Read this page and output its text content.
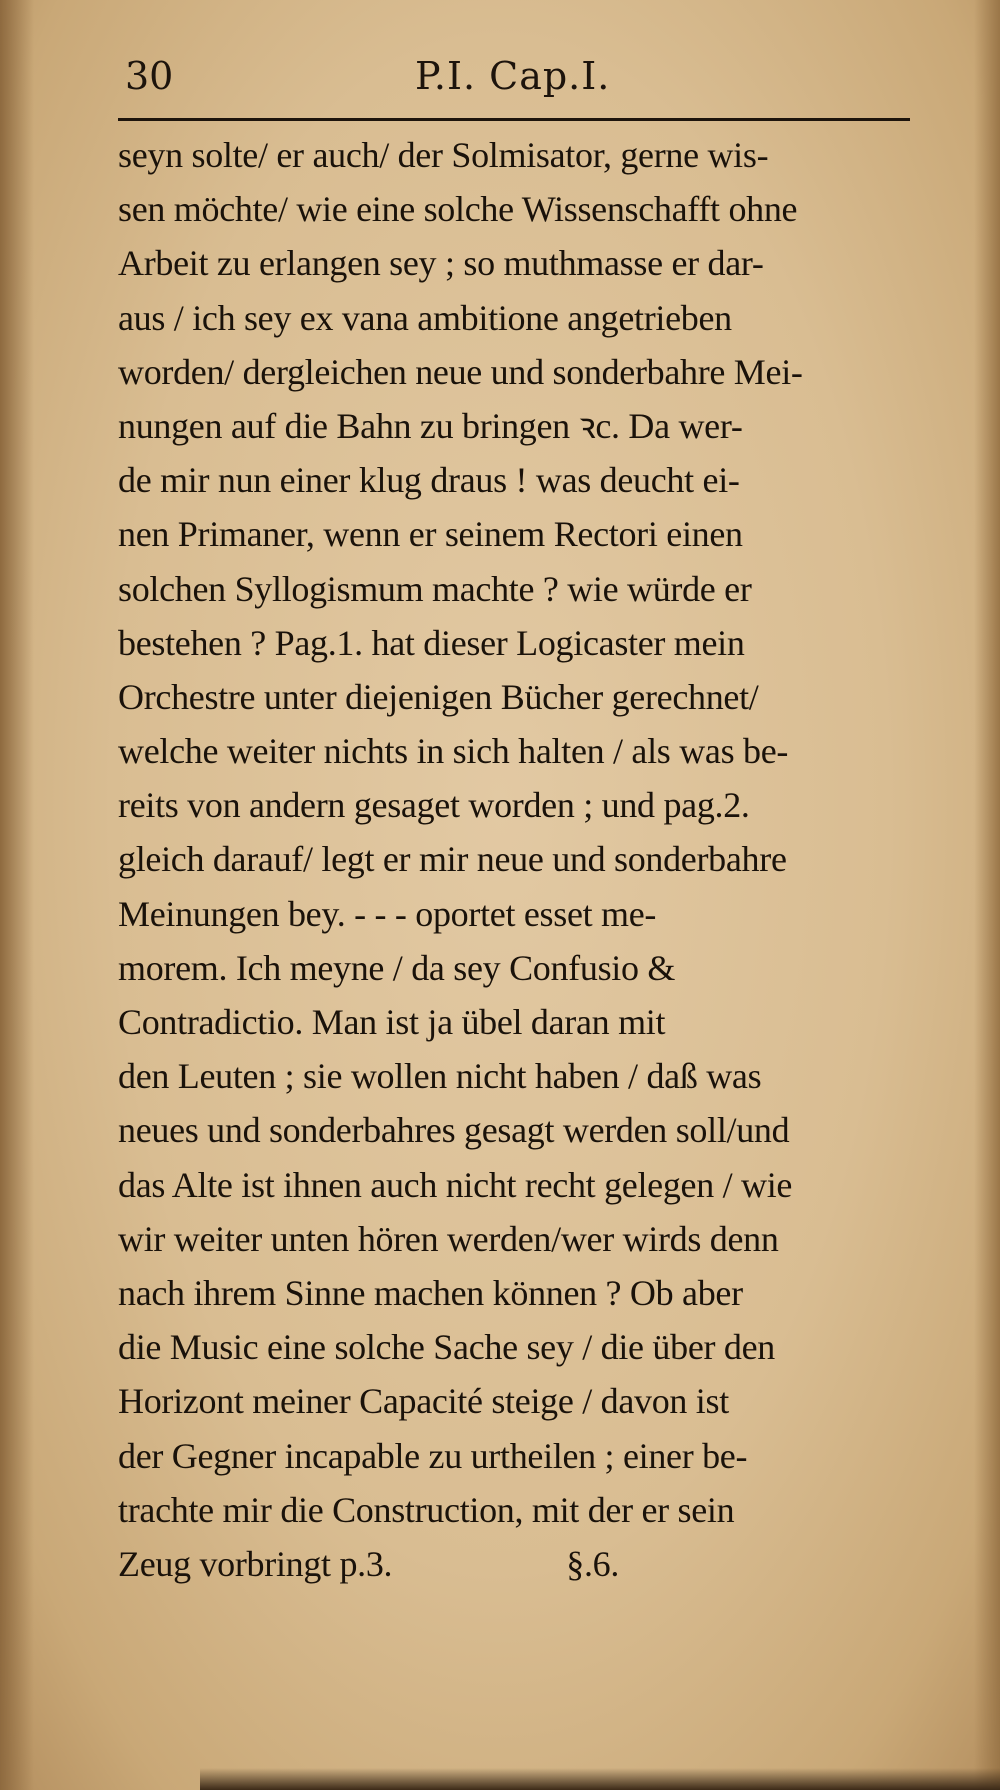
30	P.I. Cap.I.
seyn solte/ er auch/ der Solmisator, gerne wis-
sen möchte/ wie eine solche Wissenschafft ohne
Arbeit zu erlangen sey ; so muthmasse er dar-
aus / ich sey ex vana ambitione angetrieben
worden/ dergleichen neue und sonderbahre Mei-
nungen auf die Bahn zu bringen ꝛc. Da wer-
de mir nun einer klug draus ! was deucht ei-
nen Primaner, wenn er seinem Rectori einen
solchen Syllogismum machte ? wie würde er
bestehen ? Pag.1. hat dieser Logicaster mein
Orchestre unter diejenigen Bücher gerechnet/
welche weiter nichts in sich halten / als was be-
reits von andern gesaget worden ; und pag.2.
gleich darauf/ legt er mir neue und sonderbahre
Meinungen bey. - - - oportet esset me-
morem. Ich meyne / da sey Confusio &
Contradictio. Man ist ja übel daran mit
den Leuten ; sie wollen nicht haben / daß was
neues und sonderbahres gesagt werden soll/und
das Alte ist ihnen auch nicht recht gelegen / wie
wir weiter unten hören werden/wer wirds denn
nach ihrem Sinne machen können ? Ob aber
die Music eine solche Sache sey / die über den
Horizont meiner Capacité steige / davon ist
der Gegner incapable zu urtheilen ; einer be-
trachte mir die Construction, mit der er sein
Zeug vorbringt p.3.                    §.6.
